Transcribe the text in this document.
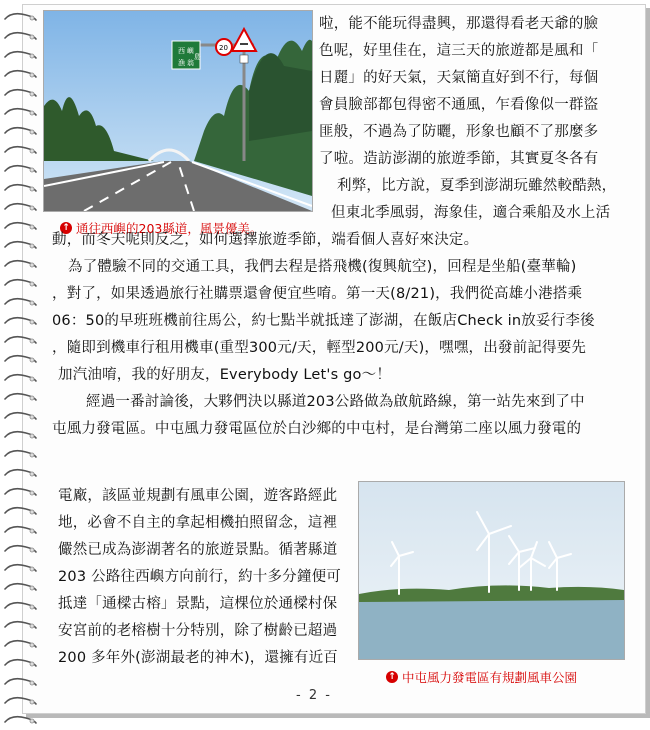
西 嶼
漁 翁
島
20
↑ 通往西嶼的203縣道，風景優美。
↑ 中屯風力發電區有規劃風車公園
啦，能不能玩得盡興，那還得看老天爺的臉
色呢，好里佳在，這三天的旅遊都是風和「
日麗」的好天氣，天氣簡直好到不行，每個
會員臉部都包得密不通風，乍看像似一群盜
匪般，不過為了防曬，形象也顧不了那麼多
了啦。造訪澎湖的旅遊季節，其實夏冬各有
利弊，比方說，夏季到澎湖玩雖然較酷熱，
但東北季風弱，海象佳，適合乘船及水上活
動，而冬天呢則反之，如何選擇旅遊季節，端看個人喜好來決定。
為了體驗不同的交通工具，我們去程是搭飛機(復興航空)，回程是坐船(臺華輪)
，對了，如果透過旅行社購票還會便宜些唷。第一天(8/21)，我們從高雄小港搭乘
06：50的早班班機前往馬公，約七點半就抵達了澎湖，在飯店Check in放妥行李後
，隨即到機車行租用機車(重型300元/天，輕型200元/天)，嘿嘿，出發前記得要先
加汽油唷，我的好朋友，Everybody Let's go～！
經過一番討論後，大夥們決以縣道203公路做為啟航路線，第一站先來到了中
屯風力發電區。中屯風力發電區位於白沙鄉的中屯村，是台灣第二座以風力發電的
電廠，該區並規劃有風車公園，遊客路經此
地，必會不自主的拿起相機拍照留念，這裡
儼然已成為澎湖著名的旅遊景點。循著縣道
203 公路往西嶼方向前行，約十多分鐘便可
抵達「通樑古榕」景點，這棵位於通樑村保
安宮前的老榕樹十分特別，除了樹齡已超過
200 多年外(澎湖最老的神木)，還擁有近百
- 2 -
